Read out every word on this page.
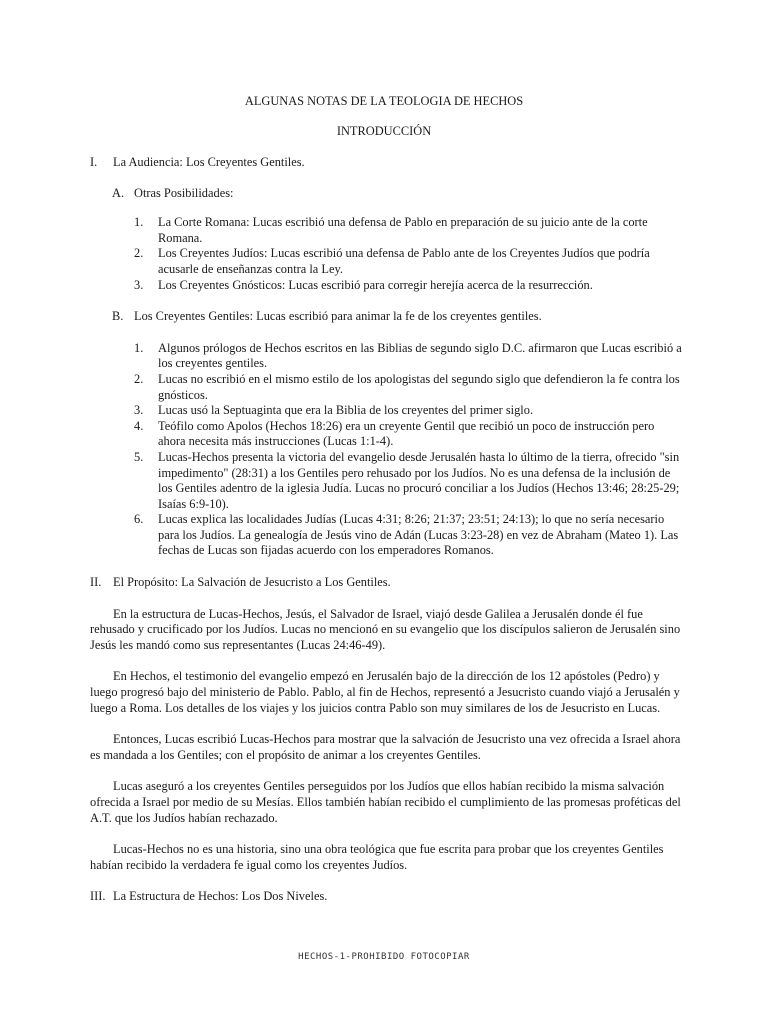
ALGUNAS NOTAS DE LA TEOLOGIA DE HECHOS
INTRODUCCIÓN
I. La Audiencia: Los Creyentes Gentiles.
A. Otras Posibilidades:
1. La Corte Romana: Lucas escribió una defensa de Pablo en preparación de su juicio ante de la corte Romana.
2. Los Creyentes Judíos: Lucas escribió una defensa de Pablo ante de los Creyentes Judíos que podría acusarle de enseñanzas contra la Ley.
3. Los Creyentes Gnósticos: Lucas escribió para corregir herejía acerca de la resurrección.
B. Los Creyentes Gentiles: Lucas escribió para animar la fe de los creyentes gentiles.
1. Algunos prólogos de Hechos escritos en las Biblias de segundo siglo D.C. afirmaron que Lucas escribió a los creyentes gentiles.
2. Lucas no escribió en el mismo estilo de los apologistas del segundo siglo que defendieron la fe contra los gnósticos.
3. Lucas usó la Septuaginta que era la Biblia de los creyentes del primer siglo.
4. Teófilo como Apolos (Hechos 18:26) era un creyente Gentil que recibió un poco de instrucción pero ahora necesita más instrucciones (Lucas 1:1-4).
5. Lucas-Hechos presenta la victoria del evangelio desde Jerusalén hasta lo último de la tierra, ofrecido "sin impedimento" (28:31) a los Gentiles pero rehusado por los Judíos. No es una defensa de la inclusión de los Gentiles adentro de la iglesia Judía. Lucas no procuró conciliar a los Judíos (Hechos 13:46; 28:25-29; Isaías 6:9-10).
6. Lucas explica las localidades Judías (Lucas 4:31; 8:26; 21:37; 23:51; 24:13); lo que no sería necesario para los Judíos. La genealogía de Jesús vino de Adán (Lucas 3:23-28) en vez de Abraham (Mateo 1). Las fechas de Lucas son fijadas acuerdo con los emperadores Romanos.
II. El Propósito: La Salvación de Jesucristo a Los Gentiles.

En la estructura de Lucas-Hechos, Jesús, el Salvador de Israel, viajó desde Galilea a Jerusalén donde él fue rehusado y crucificado por los Judíos. Lucas no mencionó en su evangelio que los discípulos salieron de Jerusalén sino Jesús les mandó como sus representantes (Lucas 24:46-49).

En Hechos, el testimonio del evangelio empezó en Jerusalén bajo de la dirección de los 12 apóstoles (Pedro) y luego progresó bajo del ministerio de Pablo. Pablo, al fin de Hechos, representó a Jesucristo cuando viajó a Jerusalén y luego a Roma. Los detalles de los viajes y los juicios contra Pablo son muy similares de los de Jesucristo en Lucas.

Entonces, Lucas escribió Lucas-Hechos para mostrar que la salvación de Jesucristo una vez ofrecida a Israel ahora es mandada a los Gentiles; con el propósito de animar a los creyentes Gentiles.

Lucas aseguró a los creyentes Gentiles perseguidos por los Judíos que ellos habían recibido la misma salvación ofrecida a Israel por medio de su Mesías. Ellos también habían recibido el cumplimiento de las promesas proféticas del A.T. que los Judíos habían rechazado.

Lucas-Hechos no es una historia, sino una obra teológica que fue escrita para probar que los creyentes Gentiles habían recibido la verdadera fe igual como los creyentes Judíos.

III. La Estructura de Hechos: Los Dos Niveles.
HECHOS-1-PROHIBIDO FOTOCOPIAR
